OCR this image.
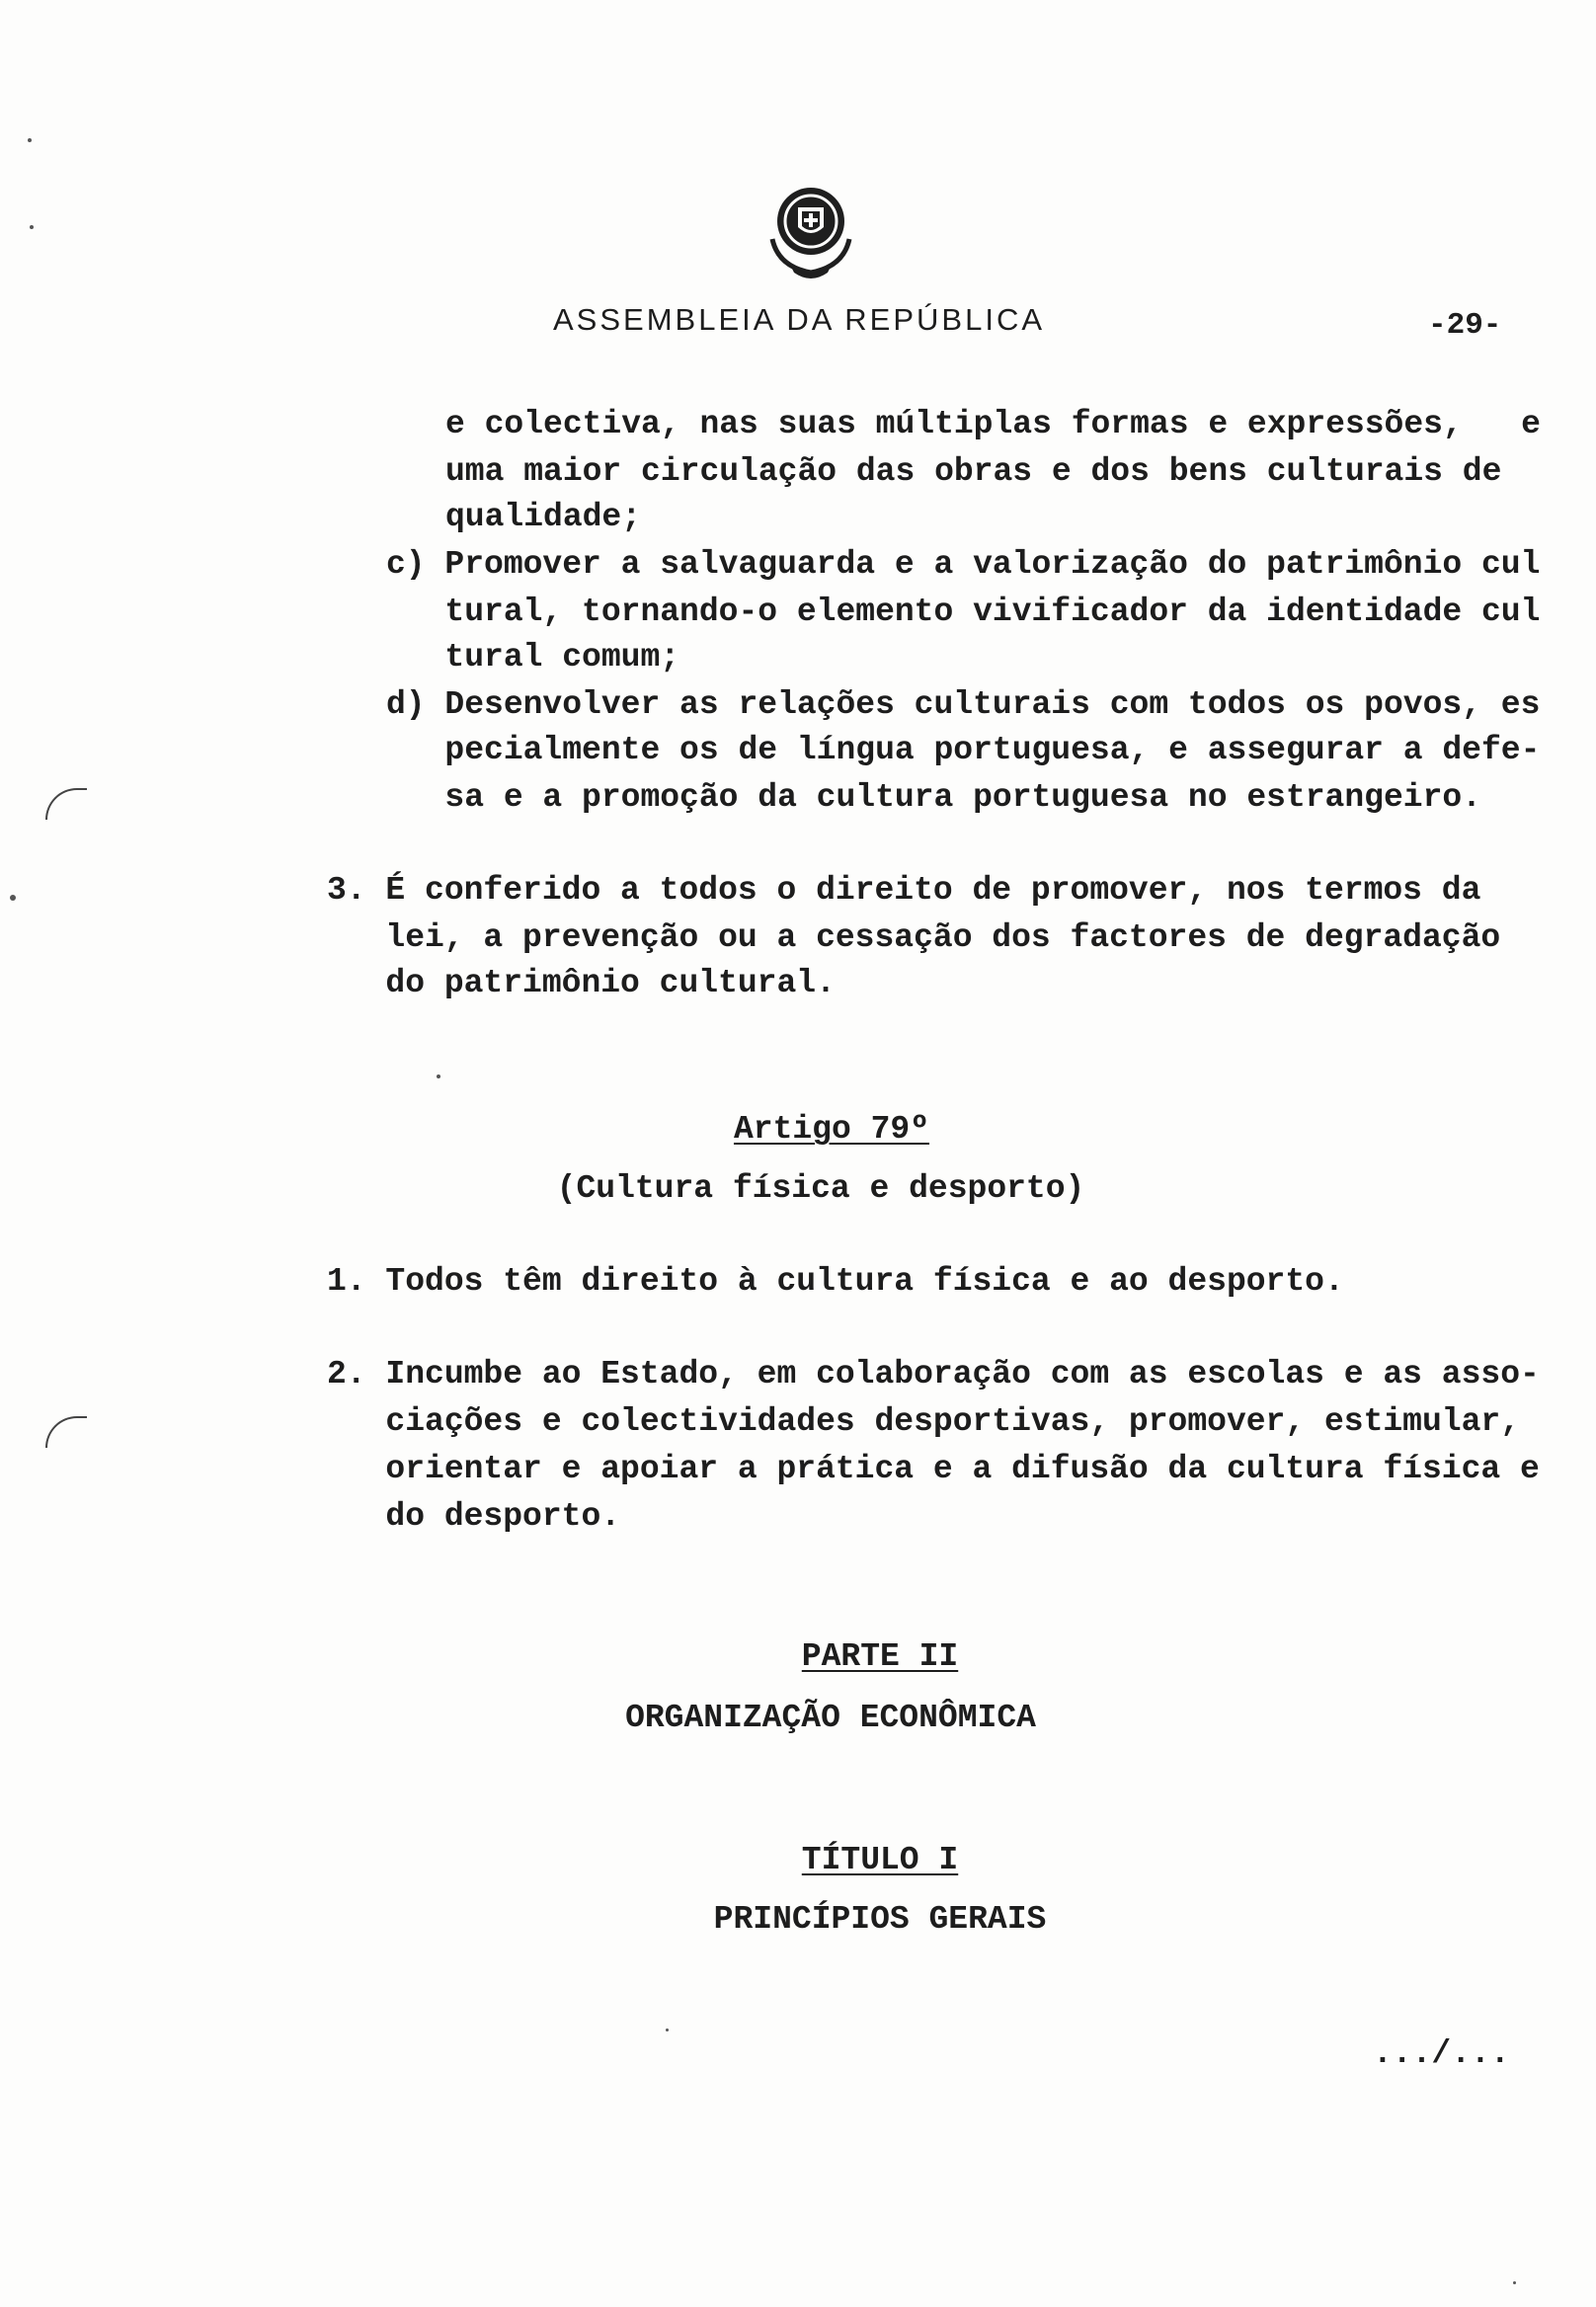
ASSEMBLEIA DA REPÚBLICA	-29-
e colectiva, nas suas múltiplas formas e expressões,   e
uma maior circulação das obras e dos bens culturais de
qualidade;
c) Promover a salvaguarda e a valorização do patrimônio cul
tural, tornando-o elemento vivificador da identidade cul
tural comum;
d) Desenvolver as relações culturais com todos os povos, es
pecialmente os de língua portuguesa, e assegurar a defe-
sa e a promoção da cultura portuguesa no estrangeiro.
3. É conferido a todos o direito de promover, nos termos da
lei, a prevenção ou a cessação dos factores de degradação
do patrimônio cultural.
Artigo 79º
(Cultura física e desporto)
1. Todos têm direito à cultura física e ao desporto.
2. Incumbe ao Estado, em colaboração com as escolas e as asso-
ciações e colectividades desportivas, promover, estimular,
orientar e apoiar a prática e a difusão da cultura física e
do desporto.
PARTE II
ORGANIZAÇÃO ECONÔMICA
TÍTULO I
PRINCÍPIOS GERAIS
.../...
